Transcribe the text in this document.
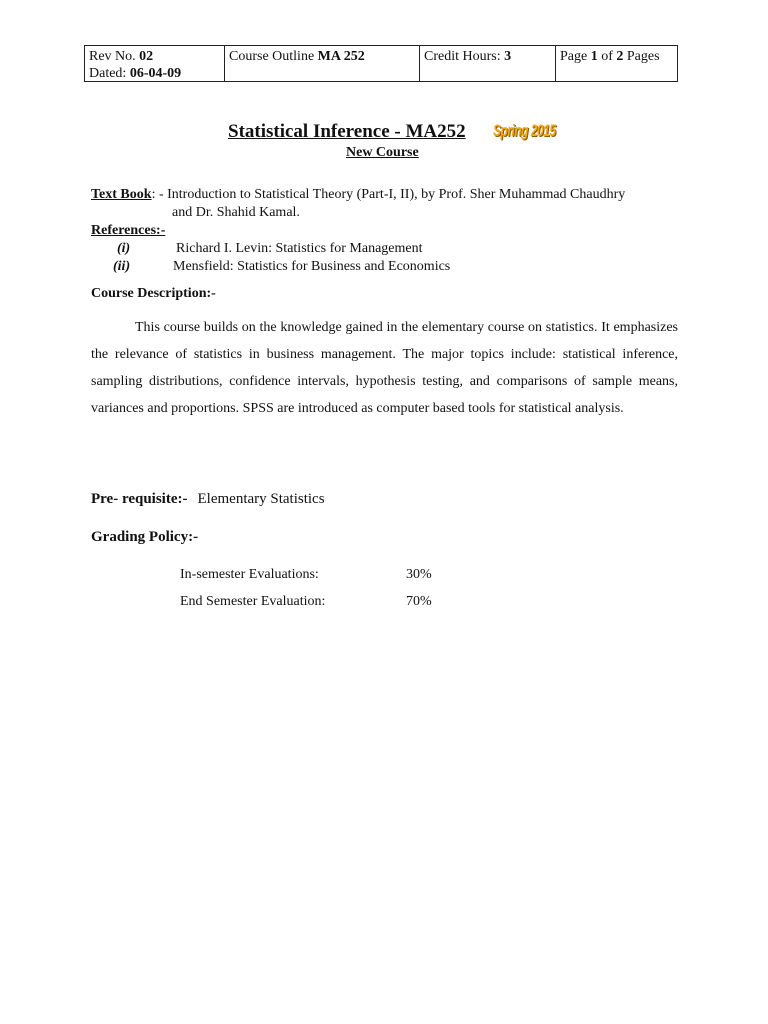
Rev No. 02
Dated: 06-04-09
Course Outline MA 252	Credit Hours: 3	Page 1 of 2 Pages
Statistical Inference - MA252 Spring 2015
New Course
Text Book: - Introduction to Statistical Theory (Part-I, II), by Prof. Sher Muhammad Chaudhry
and Dr. Shahid Kamal.
References:-
(i)	Richard I. Levin: Statistics for Management
(ii)	Mensfield: Statistics for Business and Economics
Course Description:-
This course builds on the knowledge gained in the elementary course on statistics. It emphasizes the relevance of statistics in business management. The major topics include: statistical inference, sampling distributions, confidence intervals, hypothesis testing, and comparisons of sample means, variances and proportions. SPSS are introduced as computer based tools for statistical analysis.
Pre- requisite:- Elementary Statistics
Grading Policy:-
In-semester Evaluations:	30%
End Semester Evaluation:	70%
